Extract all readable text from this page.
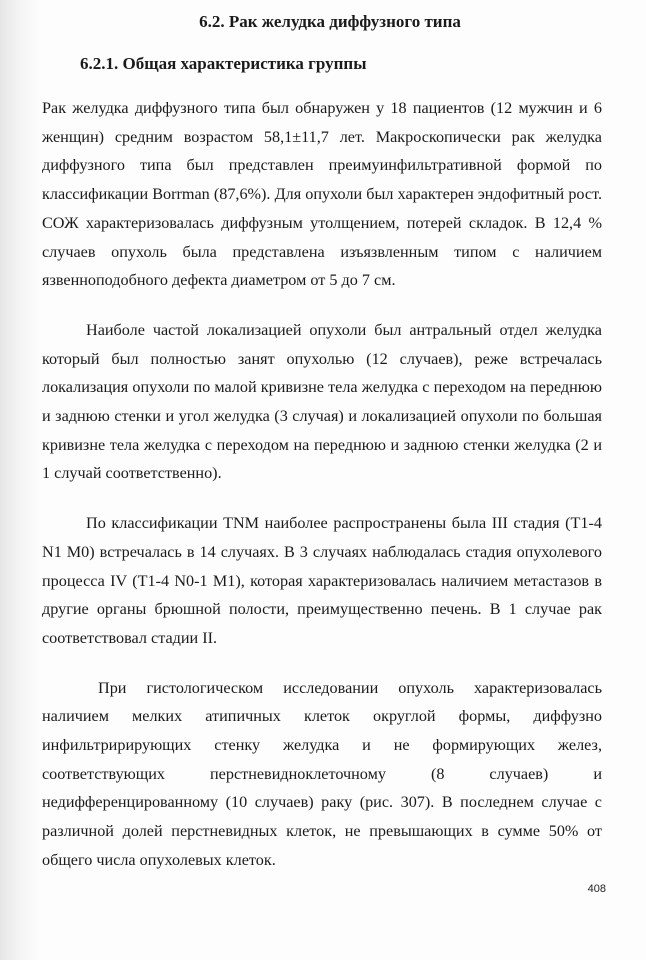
6.2. Рак желудка диффузного типа
6.2.1. Общая характеристика группы

Рак желудка диффузного типа был обнаружен у 18 пациентов (12 мужчин и 6 женщин) средним возрастом 58,1±11,7 лет. Макроскопически рак желудка диффузного типа был представлен преимуинфильтративной формой по классификации Borrman (87,6%). Для опухоли был характерен эндофитный рост. СОЖ характеризовалась диффузным утолщением, потерей складок. В 12,4 % случаев опухоль была представлена изъязвленным типом с наличием язвенноподобного дефекта диаметром от 5 до 7 см.

Наиболе частой локализацией опухоли был антральный отдел желудка который был полностью занят опухолью (12 случаев), реже встречалась локализация опухоли по малой кривизне тела желудка с переходом на переднюю и заднюю стенки и угол желудка (3 случая) и локализацией опухоли по большая кривизне тела желудка с переходом на переднюю и заднюю стенки желудка (2 и 1 случай соответственно).

По классификации TNM наиболее распространены была III стадия (T1-4 N1 M0) встречалась в 14 случаях. В 3 случаях наблюдалась стадия опухолевого процесса IV (T1-4 N0-1 M1), которая характеризовалась наличием метастазов в другие органы брюшной полости, преимущественно печень. В 1 случае рак соответствовал стадии II.

При гистологическом исследовании опухоль характеризовалась наличием мелких атипичных клеток округлой формы, диффузно инфильтририрующих стенку желудка и не формирующих желез, соответствующих перстневидноклеточному (8 случаев) и недифференцированному (10 случаев) раку (рис. 307). В последнем случае с различной долей перстневидных клеток, не превышающих в сумме 50% от общего числа опухолевых клеток.

408
